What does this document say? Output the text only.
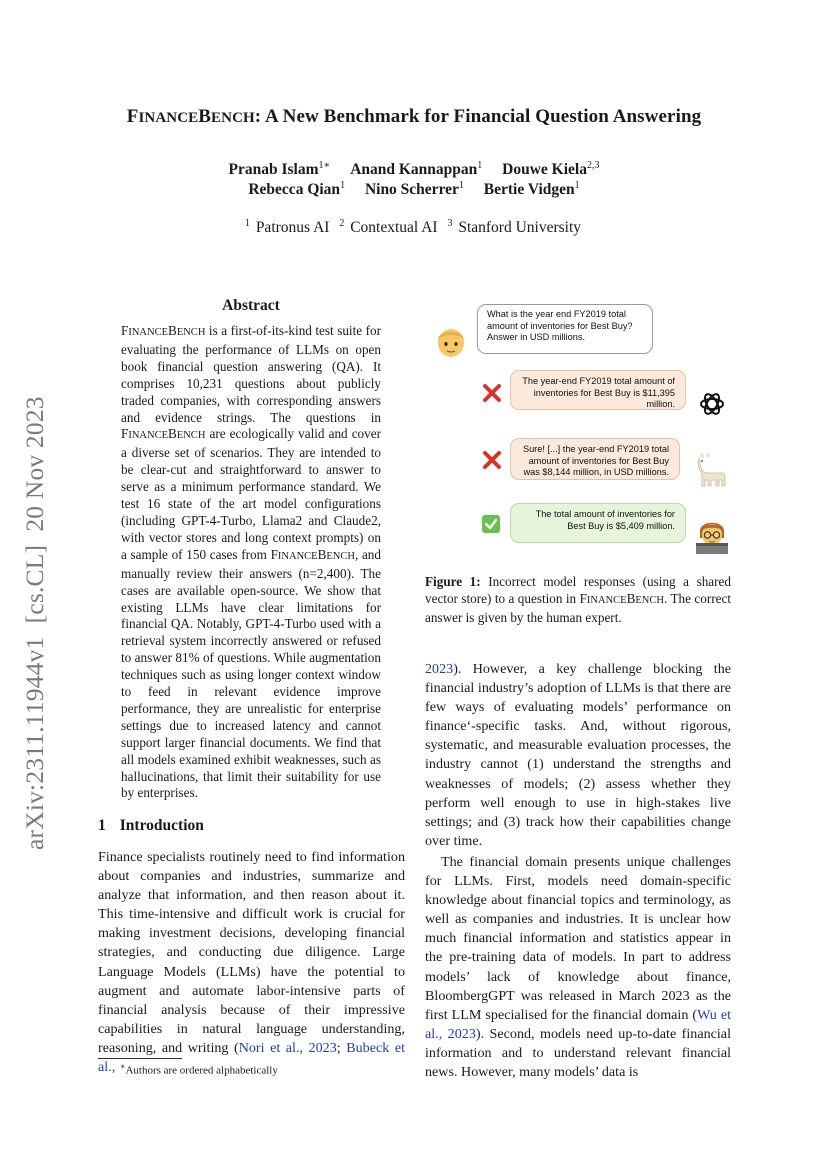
FINANCEBENCH: A New Benchmark for Financial Question Answering
Pranab Islam$^{1∗}$ Anand Kannappan$^1$ Douwe Kiela$^{2,3}$
Rebecca Qian$^1$ Nino Scherrer$^1$ Bertie Vidgen$^1$
$^1$ Patronus AI $^2$ Contextual AI $^3$ Stanford University
arXiv:2311.11944v1  [cs.CL]  20 Nov 2023
Abstract
FINANCEBENCH is a first-of-its-kind test suite for evaluating the performance of LLMs on open book financial question answering (QA). It comprises 10,231 questions about publicly traded companies, with corresponding answers and evidence strings. The questions in FINANCEBENCH are ecologically valid and cover a diverse set of scenarios. They are intended to be clear-cut and straightforward to answer to serve as a minimum performance standard. We test 16 state of the art model configurations (including GPT-4-Turbo, Llama2 and Claude2, with vector stores and long context prompts) on a sample of 150 cases from FINANCEBENCH, and manually review their answers (n=2,400). The cases are available open-source. We show that existing LLMs have clear limitations for financial QA. Notably, GPT-4-Turbo used with a retrieval system incorrectly answered or refused to answer 81% of questions. While augmentation techniques such as using longer context window to feed in relevant evidence improve performance, they are unrealistic for enterprise settings due to increased latency and cannot support larger financial documents. We find that all models examined exhibit weaknesses, such as hallucinations, that limit their suitability for use by enterprises.
1 Introduction
Finance specialists routinely need to find information about companies and industries, summarize and analyze that information, and then reason about it. This time-intensive and difficult work is crucial for making investment decisions, developing financial strategies, and conducting due diligence. Large Language Models (LLMs) have the potential to augment and automate labor-intensive parts of financial analysis because of their impressive capabilities in natural language understanding, reasoning, and writing (Nori et al., 2023; Bubeck et al., ∗Authors are ordered alphabetically
What is the year end FY2019 total amount of inventories for Best Buy? Answer in USD millions.
The year-end FY2019 total amount of inventories for Best Buy is $11,395 million.
Sure! [...] the year-end FY2019 total amount of inventories for Best Buy was $8,144 million, in USD millions.
The total amount of inventories for Best Buy is $5,409 million.
Figure 1: Incorrect model responses (using a shared vector store) to a question in FINANCEBENCH. The correct answer is given by the human expert.

2023). However, a key challenge blocking the financial industry’s adoption of LLMs is that there are few ways of evaluating models’ performance on finance‘-specific tasks. And, without rigorous, systematic, and measurable evaluation processes, the industry cannot (1) understand the strengths and weaknesses of models; (2) assess whether they perform well enough to use in high-stakes live settings; and (3) track how their capabilities change over time.

The financial domain presents unique challenges for LLMs. First, models need domain-specific knowledge about financial topics and terminology, as well as companies and industries. It is unclear how much financial information and statistics appear in the pre-training data of models. In part to address models’ lack of knowledge about finance, BloombergGPT was released in March 2023 as the first LLM specialised for the financial domain (Wu et al., 2023). Second, models need up-to-date financial information and to understand relevant financial news. However, many models’ data is
